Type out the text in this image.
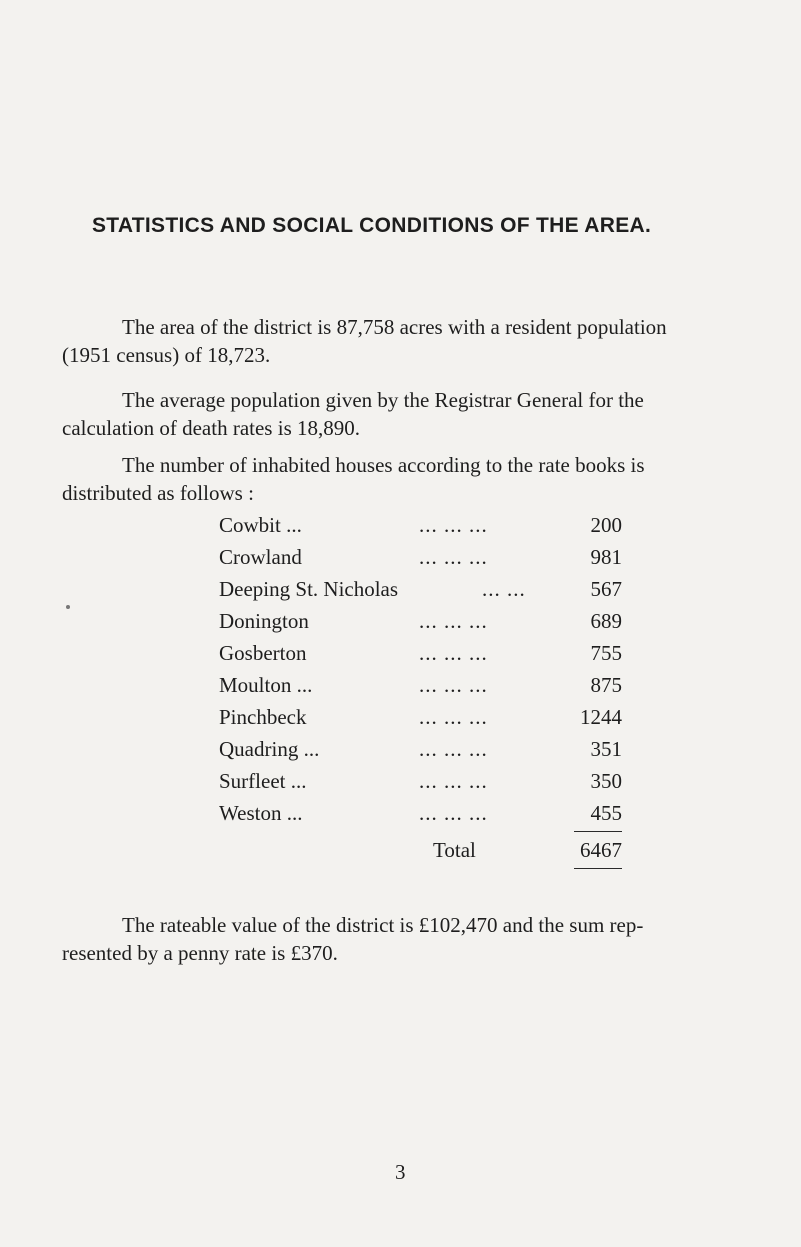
STATISTICS AND SOCIAL CONDITIONS OF THE AREA.
The area of the district is 87,758 acres with a resident population
(1951 census) of 18,723.
The average population given by the Registrar General for the
calculation of death rates is 18,890.
The number of inhabited houses according to the rate books is
distributed as follows :
Cowbit ...	... ... ...	200
Crowland	... ... ...	981
Deeping St. Nicholas	... ...	567
Donington	... ... ...	689
Gosberton	... ... ...	755
Moulton ...	... ... ...	875
Pinchbeck	... ... ...	1244
Quadring ...	... ... ...	351
Surfleet ...	... ... ...	350
Weston ...	... ... ...	455
Total	6467
The rateable value of the district is £102,470 and the sum rep-
resented by a penny rate is £370.
3
